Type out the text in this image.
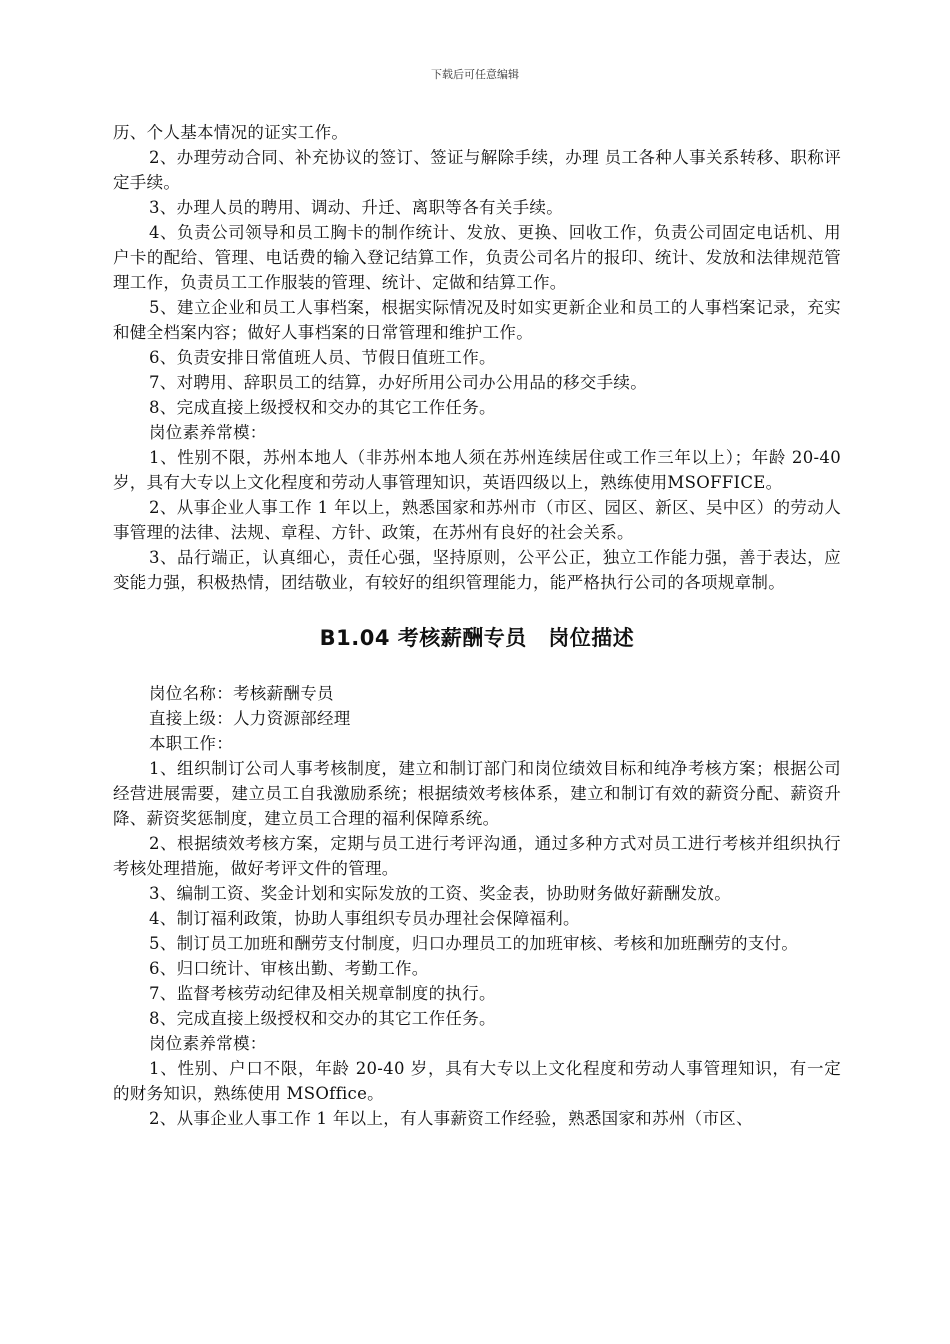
下载后可任意编辑

历、个人基本情况的证实工作。

2、办理劳动合同、补充协议的签订、签证与解除手续，办理 员工各种人事关系转移、职称评定手续。

3、办理人员的聘用、调动、升迁、离职等各有关手续。

4、负责公司领导和员工胸卡的制作统计、发放、更换、回收工作，负责公司固定电话机、用户卡的配给、管理、电话费的输入登记结算工作，负责公司名片的报印、统计、发放和法律规范管理工作，负责员工工作服装的管理、统计、定做和结算工作。

5、建立企业和员工人事档案，根据实际情况及时如实更新企业和员工的人事档案记录，充实和健全档案内容；做好人事档案的日常管理和维护工作。

6、负责安排日常值班人员、节假日值班工作。

7、对聘用、辞职员工的结算，办好所用公司办公用品的移交手续。

8、完成直接上级授权和交办的其它工作任务。

岗位素养常模：

1、性别不限，苏州本地人（非苏州本地人须在苏州连续居住或工作三年以上）；年龄 20-40 岁，具有大专以上文化程度和劳动人事管理知识，英语四级以上，熟练使用MSOFFICE。

2、从事企业人事工作 1 年以上，熟悉国家和苏州市（市区、园区、新区、吴中区）的劳动人事管理的法律、法规、章程、方针、政策，在苏州有良好的社会关系。

3、品行端正，认真细心，责任心强，坚持原则，公平公正，独立工作能力强，善于表达，应变能力强，积极热情，团结敬业，有较好的组织管理能力，能严格执行公司的各项规章制。

B1.04 考核薪酬专员　岗位描述

岗位名称：考核薪酬专员

直接上级：人力资源部经理

本职工作：

1、组织制订公司人事考核制度，建立和制订部门和岗位绩效目标和纯净考核方案；根据公司经营进展需要，建立员工自我激励系统；根据绩效考核体系，建立和制订有效的薪资分配、薪资升降、薪资奖惩制度，建立员工合理的福利保障系统。

2、根据绩效考核方案，定期与员工进行考评沟通，通过多种方式对员工进行考核并组织执行考核处理措施，做好考评文件的管理。

3、编制工资、奖金计划和实际发放的工资、奖金表，协助财务做好薪酬发放。

4、制订福利政策，协助人事组织专员办理社会保障福利。

5、制订员工加班和酬劳支付制度，归口办理员工的加班审核、考核和加班酬劳的支付。

6、归口统计、审核出勤、考勤工作。

7、监督考核劳动纪律及相关规章制度的执行。

8、完成直接上级授权和交办的其它工作任务。

岗位素养常模：

1、性别、户口不限，年龄 20-40 岁，具有大专以上文化程度和劳动人事管理知识，有一定的财务知识，熟练使用 MSOffice。

2、从事企业人事工作 1 年以上，有人事薪资工作经验，熟悉国家和苏州（市区、
